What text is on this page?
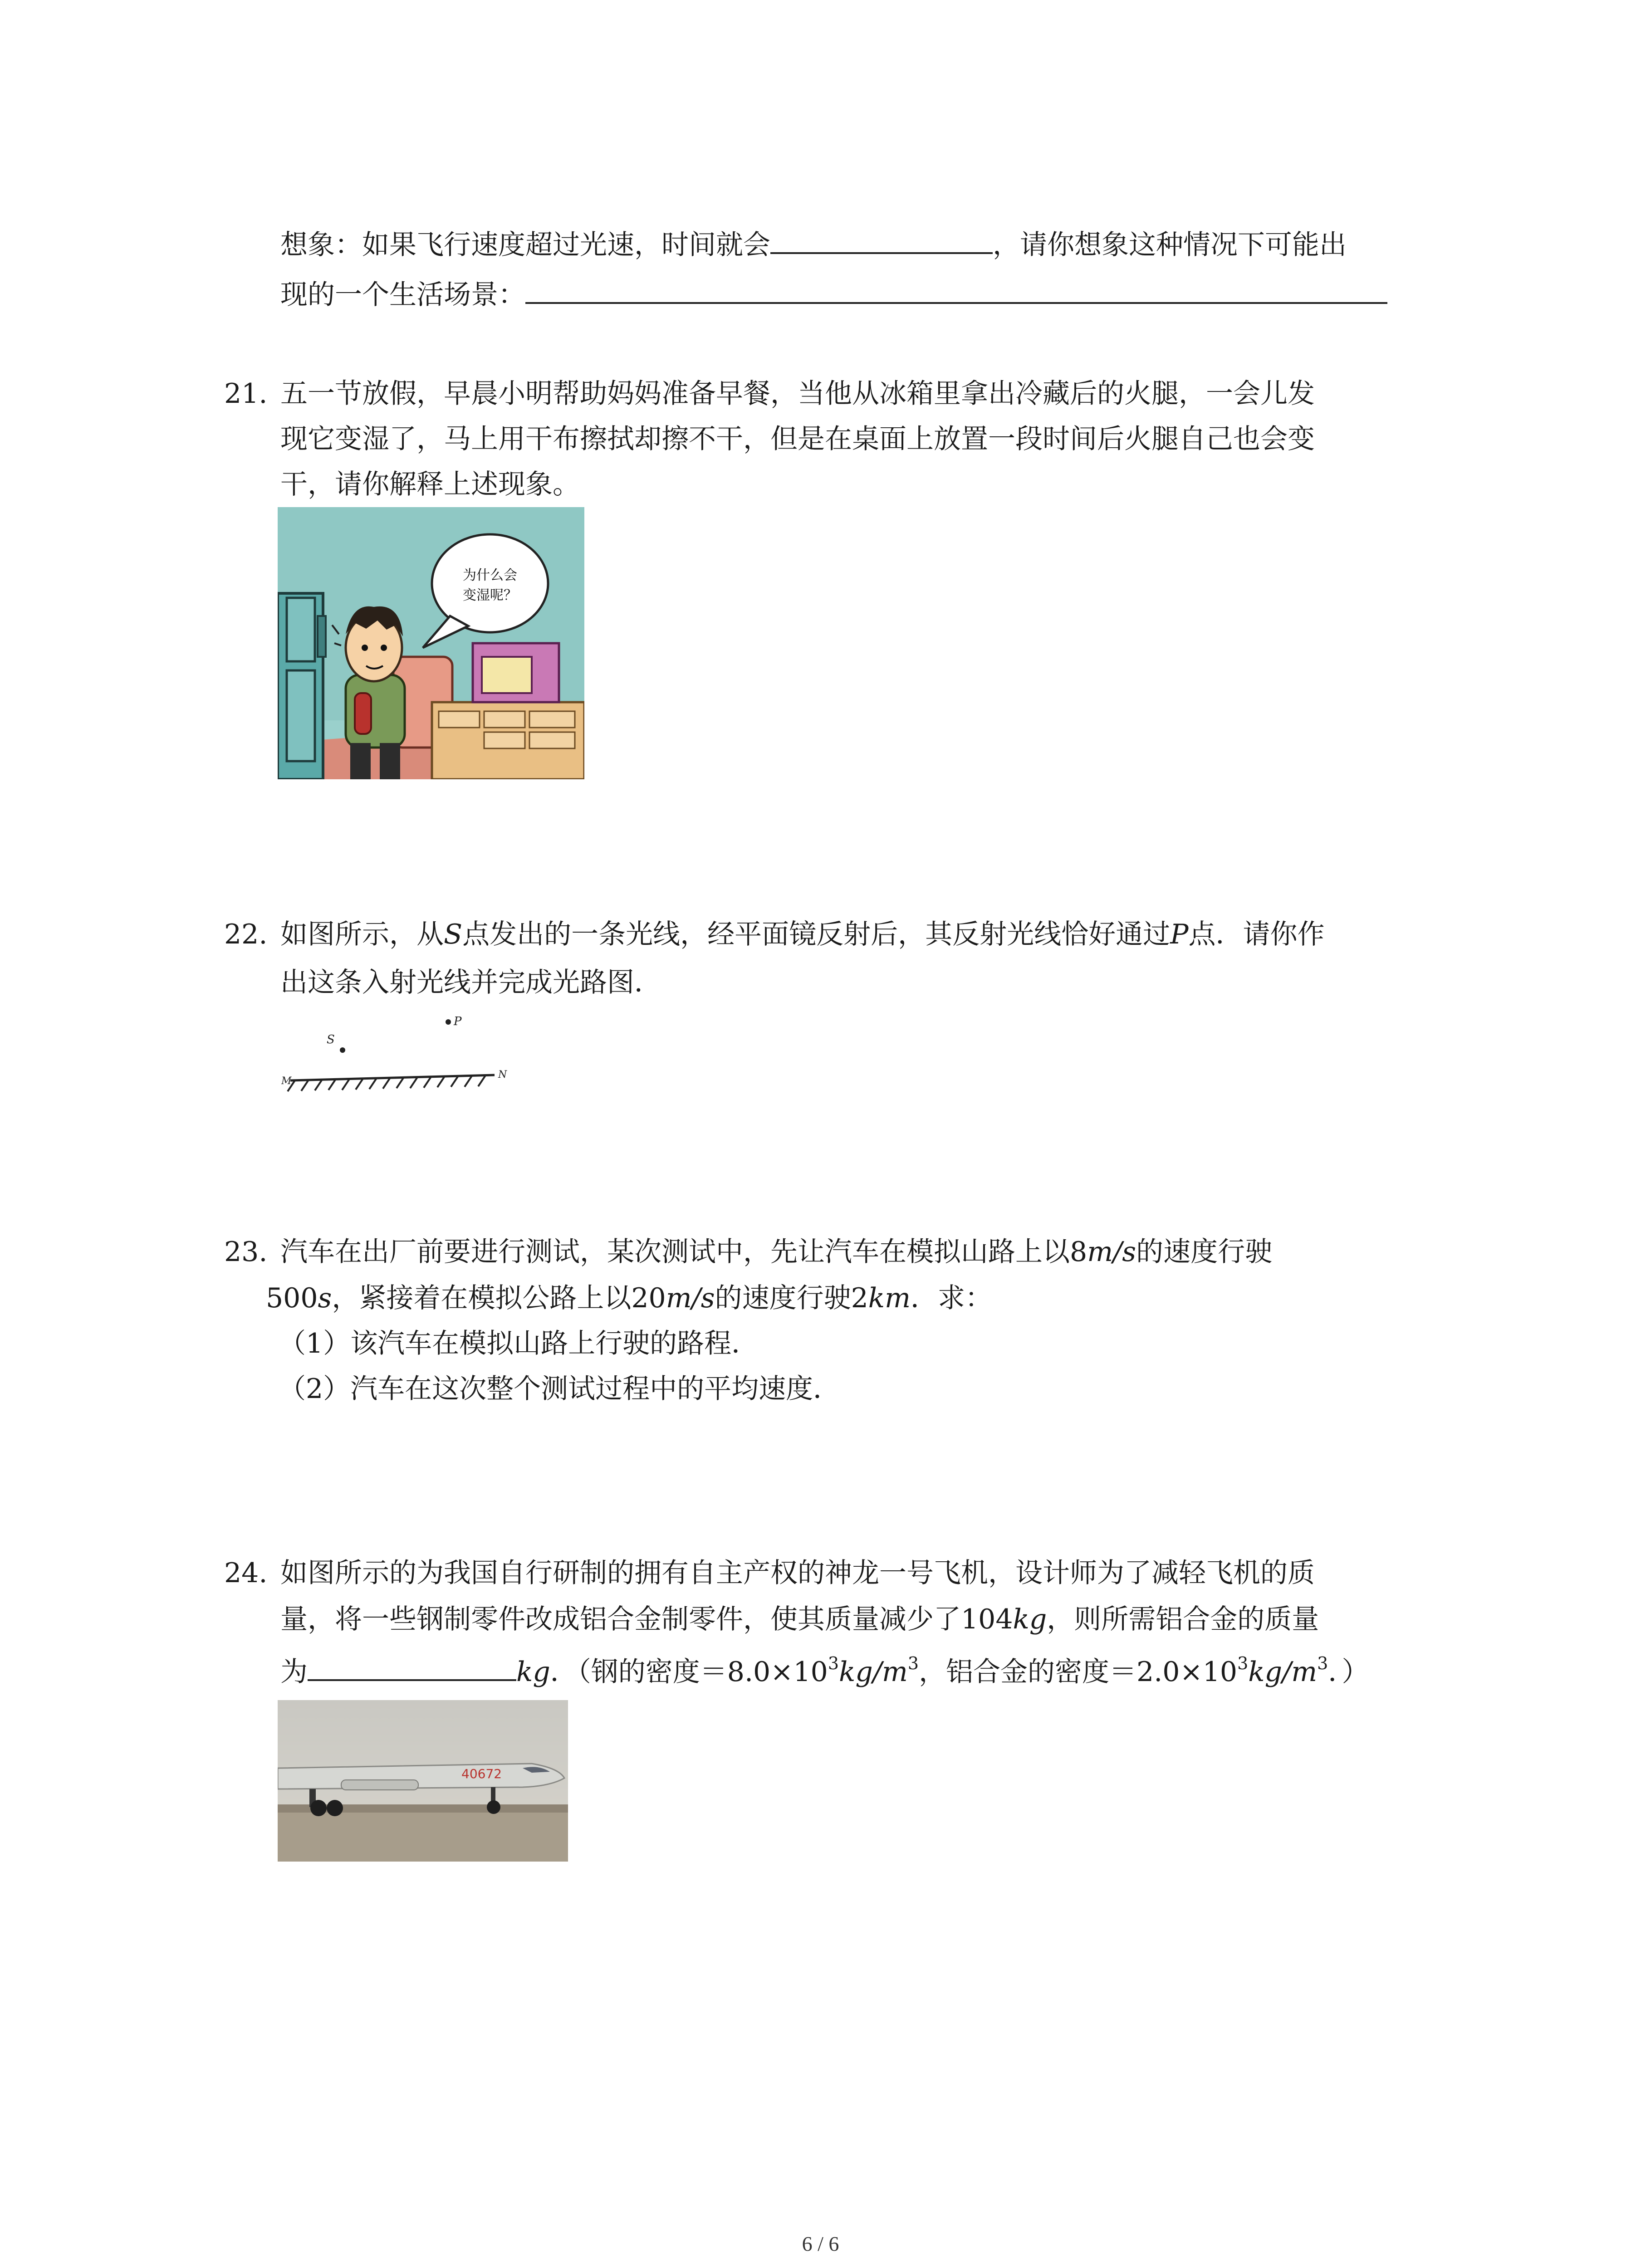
想象：如果飞行速度超过光速，时间就会	，请你想象这种情况下可能出
现的一个生活场景：
21. 五一节放假，早晨小明帮助妈妈准备早餐，当他从冰箱里拿出冷藏后的火腿，一会儿发
现它变湿了，马上用干布擦拭却擦不干，但是在桌面上放置一段时间后火腿自己也会变
干，请你解释上述现象。
为什么会
变湿呢？
22. 如图所示，从S点发出的一条光线，经平面镜反射后，其反射光线恰好通过P点．请你作
出这条入射光线并完成光路图．
P
S
M
N
23. 汽车在出厂前要进行测试，某次测试中，先让汽车在模拟山路上以8m/s的速度行驶
500s，紧接着在模拟公路上以20m/s的速度行驶2km．求：
（1）该汽车在模拟山路上行驶的路程．
（2）汽车在这次整个测试过程中的平均速度．
24. 如图所示的为我国自行研制的拥有自主产权的神龙一号飞机，设计师为了减轻飞机的质
量，将一些钢制零件改成铝合金制零件，使其质量减少了104kg，则所需铝合金的质量
为	kg．（钢的密度$=8.0\times 10^3kg/m^3$，铝合金的密度$=2.0\times 10^3kg/m^3$．）
40672
6 / 6
